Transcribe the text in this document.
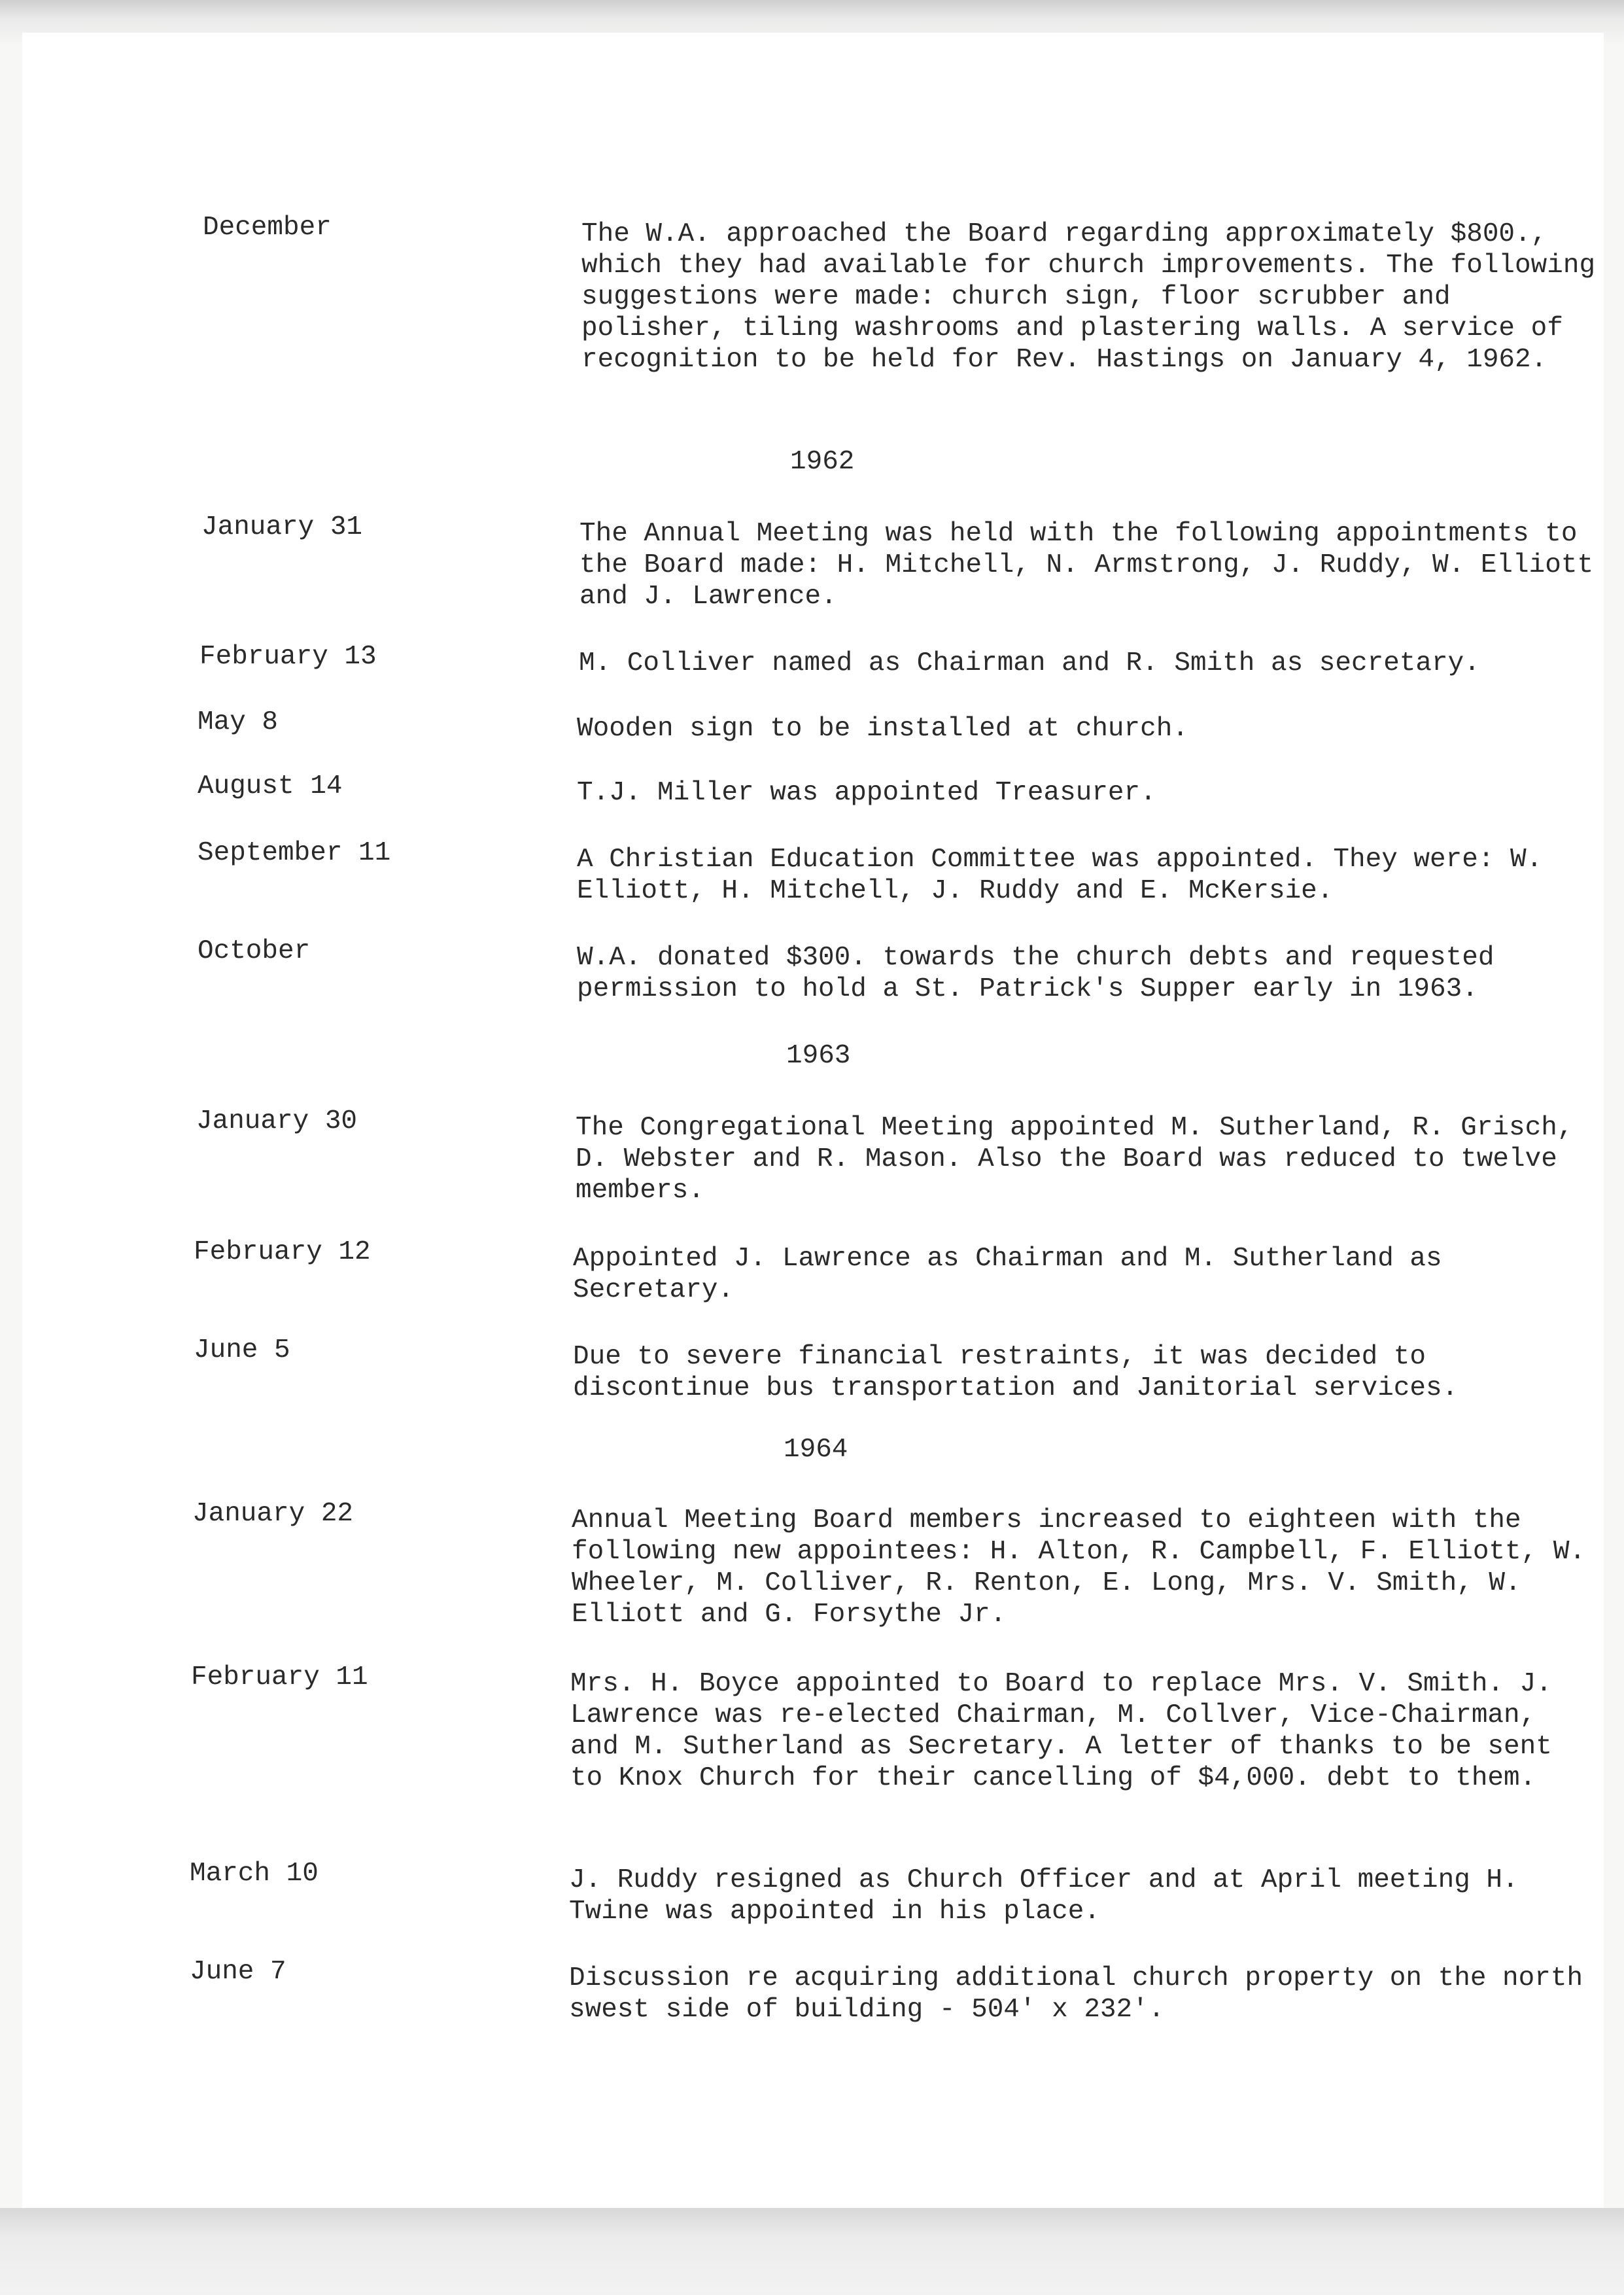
December	The W.A. approached the Board regarding approximately $800., which they had available for church improvements. The following suggestions were made: church sign, floor scrubber and polisher, tiling washrooms and plastering walls. A service of recognition to be held for Rev. Hastings on January 4, 1962.

1962

January 31	The Annual Meeting was held with the following appointments to the Board made: H. Mitchell, N. Armstrong, J. Ruddy, W. Elliott and J. Lawrence.

February 13	M. Colliver named as Chairman and R. Smith as secretary.

May 8	Wooden sign to be installed at church.

August 14	T.J. Miller was appointed Treasurer.

September 11	A Christian Education Committee was appointed. They were: W. Elliott, H. Mitchell, J. Ruddy and E. McKersie.

October	W.A. donated $300. towards the church debts and requested permission to hold a St. Patrick's Supper early in 1963.

1963

January 30	The Congregational Meeting appointed M. Sutherland, R. Grisch, D. Webster and R. Mason. Also the Board was reduced to twelve members.

February 12	Appointed J. Lawrence as Chairman and M. Sutherland as Secretary.

June 5	Due to severe financial restraints, it was decided to discontinue bus transportation and Janitorial services.

1964

January 22	Annual Meeting Board members increased to eighteen with the following new appointees: H. Alton, R. Campbell, F. Elliott, W. Wheeler, M. Colliver, R. Renton, E. Long, Mrs. V. Smith, W. Elliott and G. Forsythe Jr.

February 11	Mrs. H. Boyce appointed to Board to replace Mrs. V. Smith. J. Lawrence was re-elected Chairman, M. Collver, Vice-Chairman, and M. Sutherland as Secretary. A letter of thanks to be sent to Knox Church for their cancelling of $4,000. debt to them.

March 10	J. Ruddy resigned as Church Officer and at April meeting H. Twine was appointed in his place.

June 7	Discussion re acquiring additional church property on the north swest side of building - 504' x 232'.
